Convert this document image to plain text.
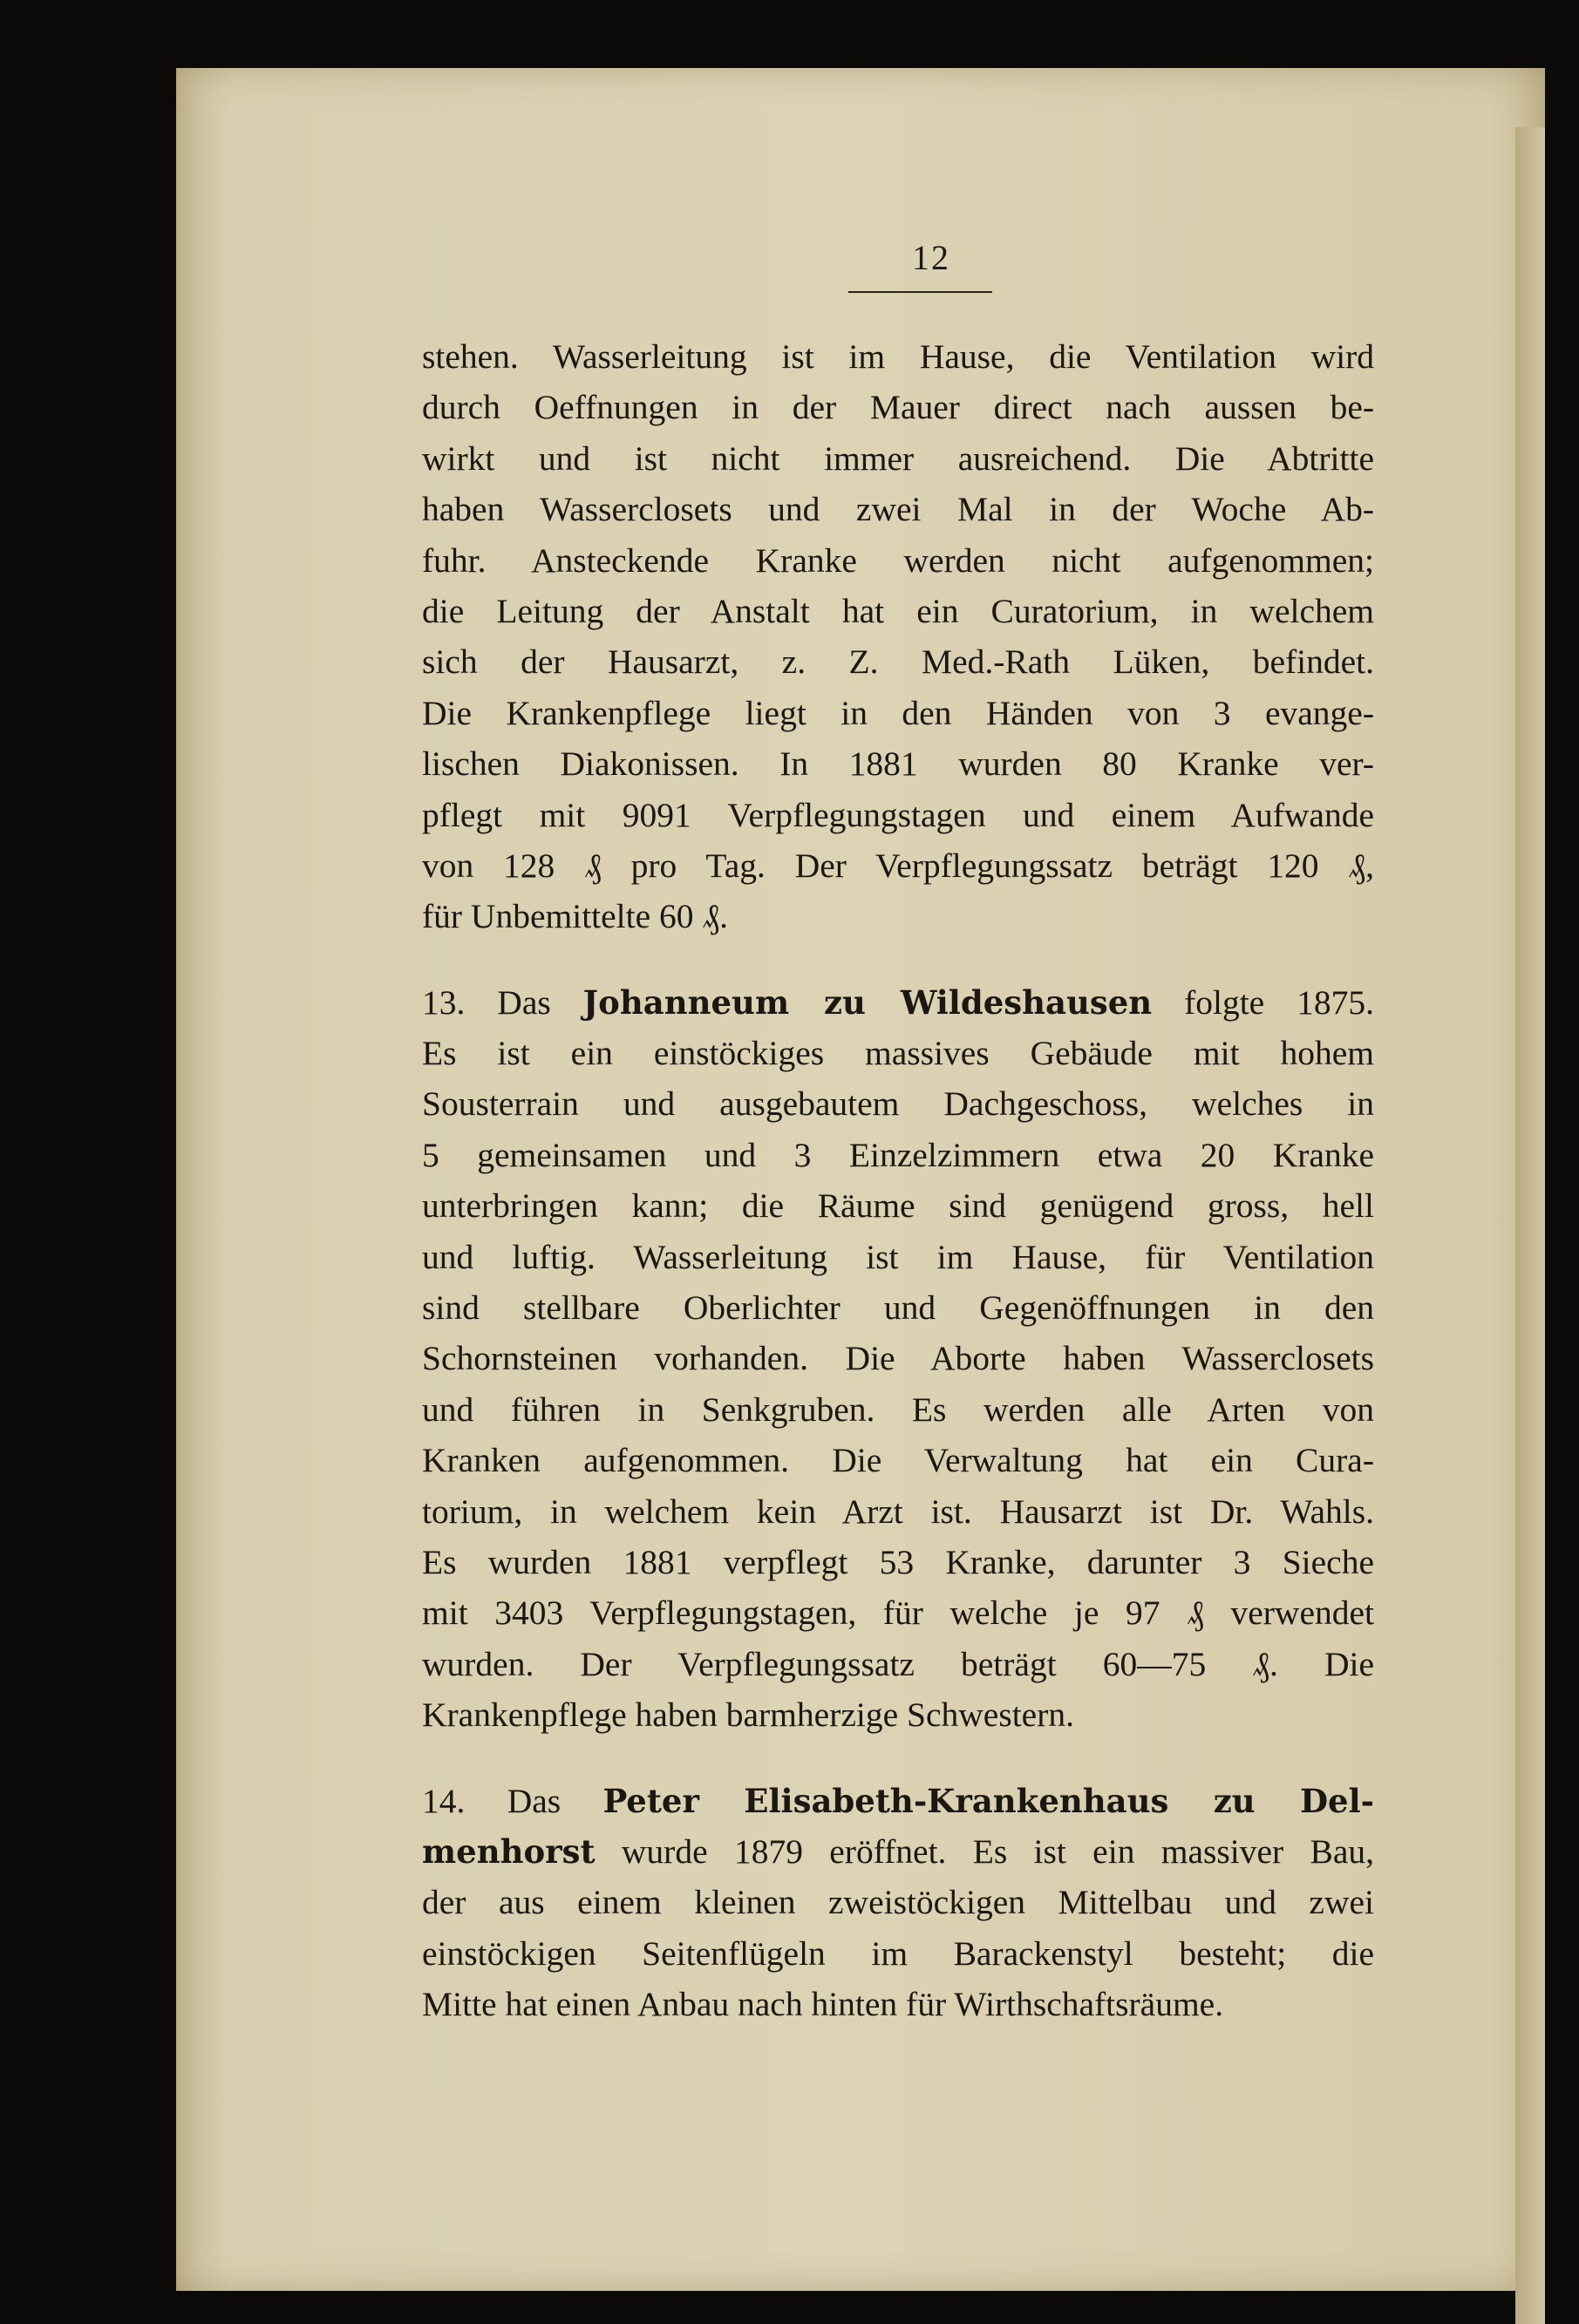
12
stehen. Wasserleitung ist im Hause, die Ventilation wird
durch Oeffnungen in der Mauer direct nach aussen be-
wirkt und ist nicht immer ausreichend. Die Abtritte
haben Wasserclosets und zwei Mal in der Woche Ab-
fuhr. Ansteckende Kranke werden nicht aufgenommen;
die Leitung der Anstalt hat ein Curatorium, in welchem
sich der Hausarzt, z. Z. Med.-Rath Lüken, befindet.
Die Krankenpflege liegt in den Händen von 3 evange-
lischen Diakonissen. In 1881 wurden 80 Kranke ver-
pflegt mit 9091 Verpflegungstagen und einem Aufwande
von 128 ₰ pro Tag. Der Verpflegungssatz beträgt 120 ₰,
für Unbemittelte 60 ₰.
13. Das Johanneum zu Wildeshausen folgte 1875.
Es ist ein einstöckiges massives Gebäude mit hohem
Sousterrain und ausgebautem Dachgeschoss, welches in
5 gemeinsamen und 3 Einzelzimmern etwa 20 Kranke
unterbringen kann; die Räume sind genügend gross, hell
und luftig. Wasserleitung ist im Hause, für Ventilation
sind stellbare Oberlichter und Gegenöffnungen in den
Schornsteinen vorhanden. Die Aborte haben Wasserclosets
und führen in Senkgruben. Es werden alle Arten von
Kranken aufgenommen. Die Verwaltung hat ein Cura-
torium, in welchem kein Arzt ist. Hausarzt ist Dr. Wahls.
Es wurden 1881 verpflegt 53 Kranke, darunter 3 Sieche
mit 3403 Verpflegungstagen, für welche je 97 ₰ verwendet
wurden. Der Verpflegungssatz beträgt 60—75 ₰. Die
Krankenpflege haben barmherzige Schwestern.
14. Das Peter Elisabeth-Krankenhaus zu Del-
menhorst wurde 1879 eröffnet. Es ist ein massiver Bau,
der aus einem kleinen zweistöckigen Mittelbau und zwei
einstöckigen Seitenflügeln im Barackenstyl besteht; die
Mitte hat einen Anbau nach hinten für Wirthschaftsräume.
